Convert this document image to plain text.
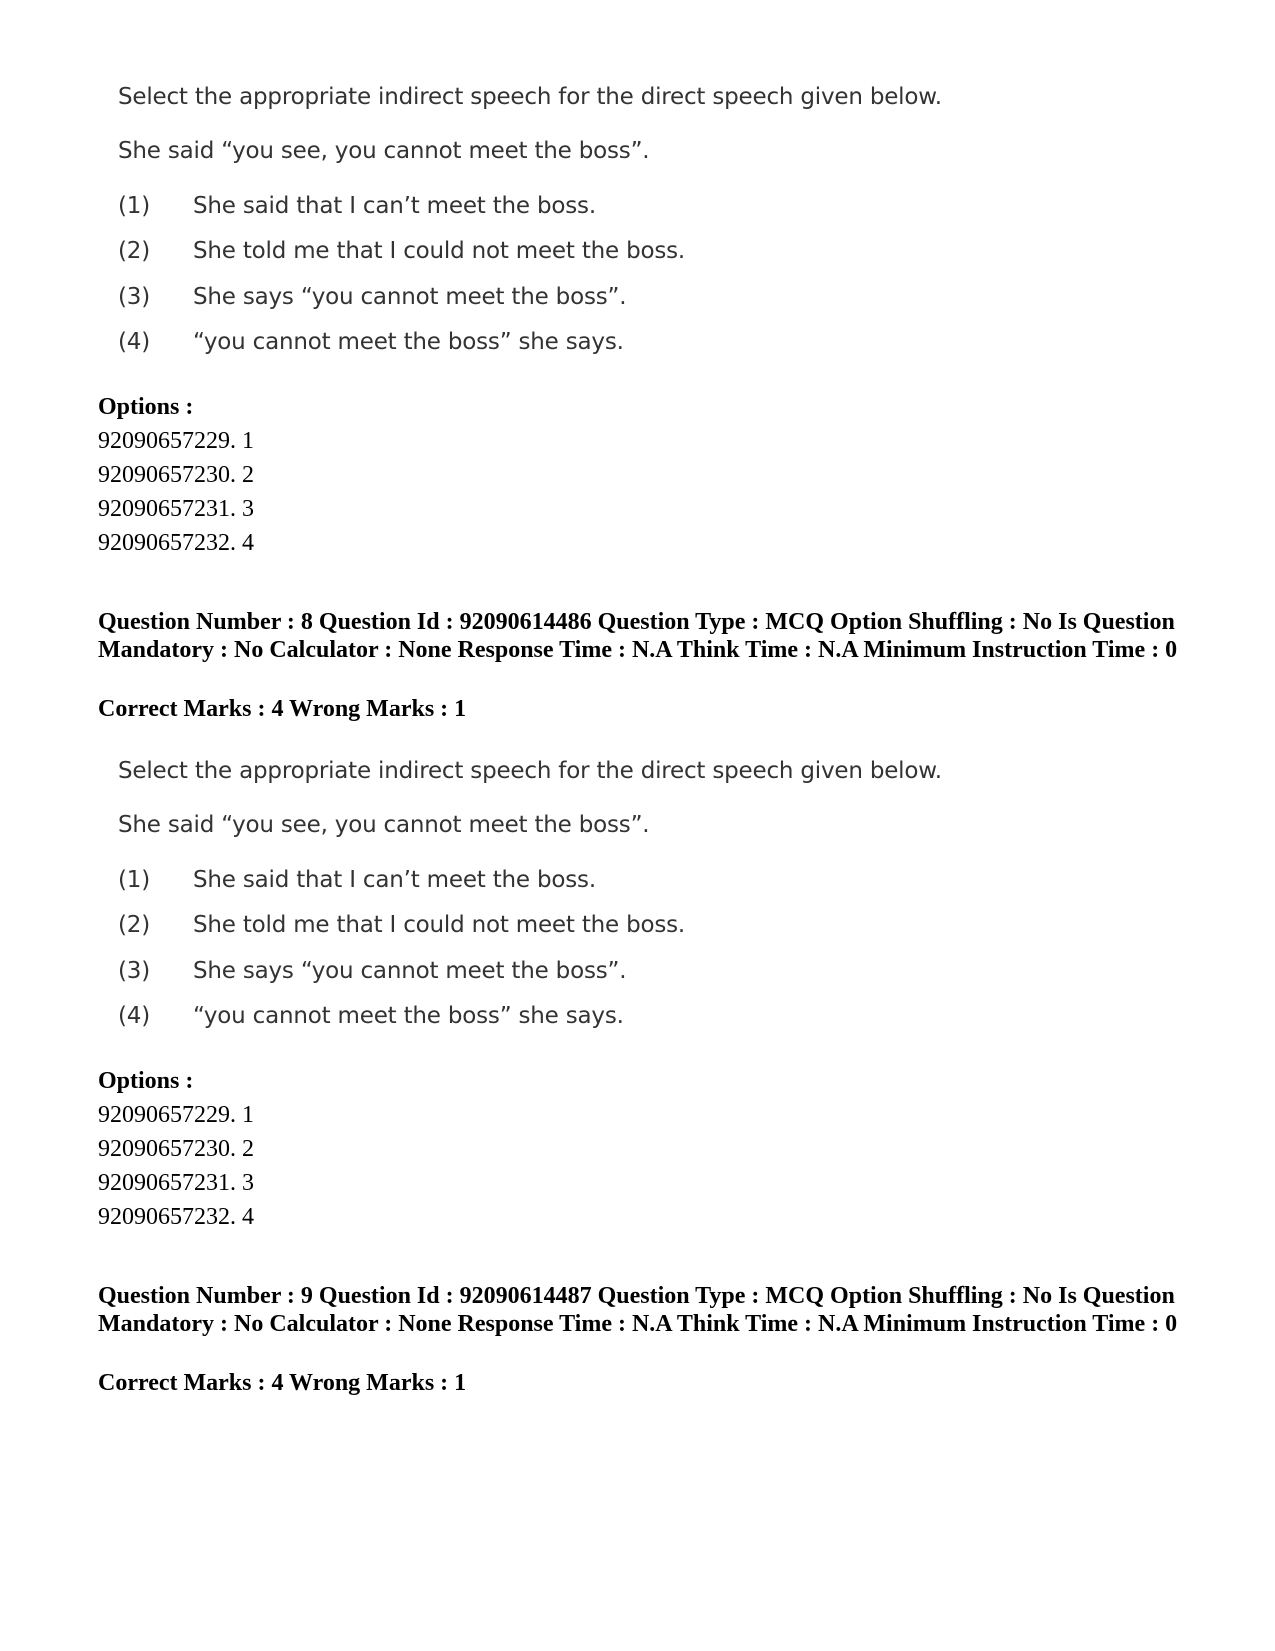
Select the appropriate indirect speech for the direct speech given below.
She said “you see, you cannot meet the boss”.
(1) She said that I can’t meet the boss.
(2) She told me that I could not meet the boss.
(3) She says “you cannot meet the boss”.
(4) “you cannot meet the boss” she says.
Options :
92090657229. 1
92090657230. 2
92090657231. 3
92090657232. 4
Question Number : 8 Question Id : 92090614486 Question Type : MCQ Option Shuffling : No Is Question Mandatory : No Calculator : None Response Time : N.A Think Time : N.A Minimum Instruction Time : 0
Correct Marks : 4 Wrong Marks : 1
Select the appropriate indirect speech for the direct speech given below.
She said “you see, you cannot meet the boss”.
(1) She said that I can’t meet the boss.
(2) She told me that I could not meet the boss.
(3) She says “you cannot meet the boss”.
(4) “you cannot meet the boss” she says.
Options :
92090657229. 1
92090657230. 2
92090657231. 3
92090657232. 4
Question Number : 9 Question Id : 92090614487 Question Type : MCQ Option Shuffling : No Is Question Mandatory : No Calculator : None Response Time : N.A Think Time : N.A Minimum Instruction Time : 0
Correct Marks : 4 Wrong Marks : 1
